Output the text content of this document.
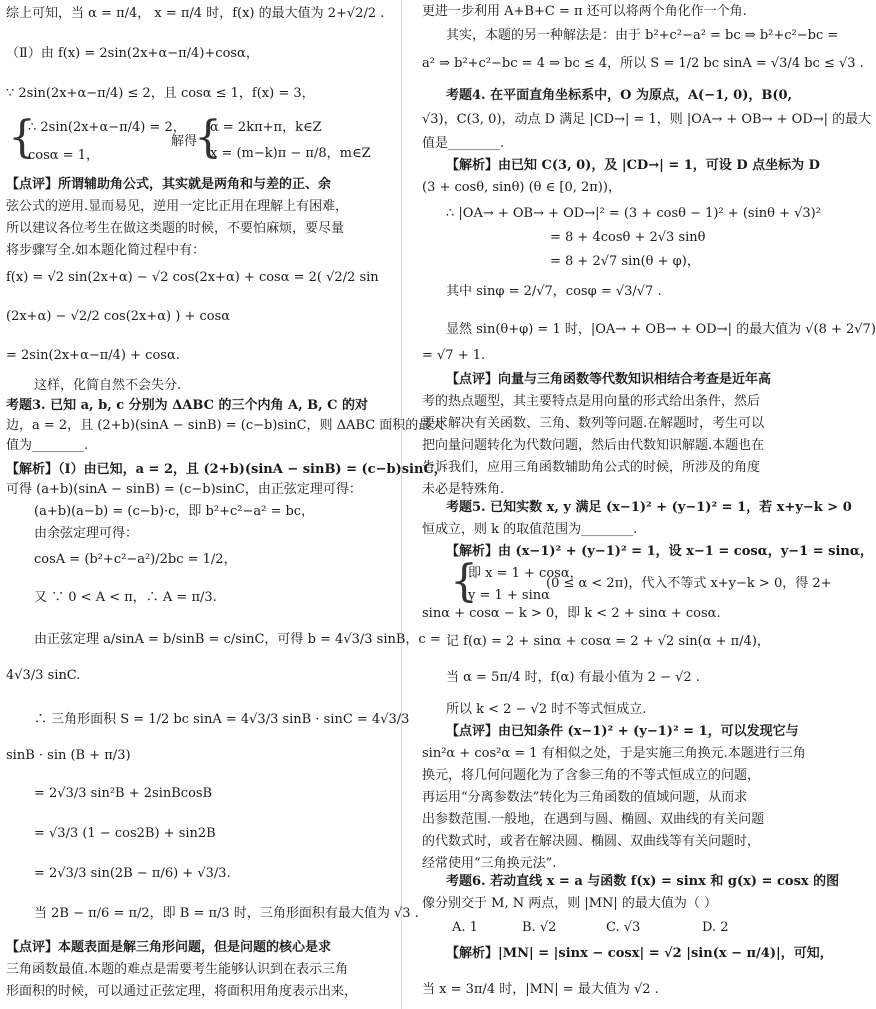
综上可知，当 α = π/4， x = π/4 时，f(x) 的最大值为 2+√2/2 .
（Ⅱ）由 f(x) = 2sin(2x+α−π/4)+cosα，
∵ 2sin(2x+α−π/4) ≤ 2，且 cosα ≤ 1，f(x) = 3，
{
∴ 2sin(2x+α−π/4) = 2，
cosα = 1，
解得
{
α = 2kπ+π，k∈Z
x = (m−k)π − π/8，m∈Z
【点评】所谓辅助角公式，其实就是两角和与差的正、余
弦公式的逆用.显而易见，逆用一定比正用在理解上有困难，
所以建议各位考生在做这类题的时候，不要怕麻烦，要尽量
将步骤写全.如本题化简过程中有：
f(x) = √2 sin(2x+α) − √2 cos(2x+α) + cosα = 2( √2/2 sin
(2x+α) − √2/2 cos(2x+α) ) + cosα
= 2sin(2x+α−π/4) + cosα.
这样，化简自然不会失分.
考题3. 已知 a, b, c 分别为 ΔABC 的三个内角 A, B, C 的对
边，a = 2，且 (2+b)(sinA − sinB) = (c−b)sinC，则 ΔABC 面积的最大
值为________.
【解析】（Ⅰ）由已知，a = 2，且 (2+b)(sinA − sinB) = (c−b)sinC，
可得 (a+b)(sinA − sinB) = (c−b)sinC，由正弦定理可得：
(a+b)(a−b) = (c−b)·c，即 b²+c²−a² = bc，
由余弦定理可得：
cosA = (b²+c²−a²)/2bc = 1/2，
又 ∵ 0 < A < π，∴ A = π/3.
由正弦定理 a/sinA = b/sinB = c/sinC，可得 b = 4√3/3 sinB，c =
4√3/3 sinC.
∴ 三角形面积 S = 1/2 bc sinA = 4√3/3 sinB · sinC = 4√3/3
sinB · sin (B + π/3)
= 2√3/3 sin²B + 2sinBcosB
= √3/3 (1 − cos2B) + sin2B
= 2√3/3 sin(2B − π/6) + √3/3.
当 2B − π/6 = π/2，即 B = π/3 时，三角形面积有最大值为 √3 .
【点评】本题表面是解三角形问题，但是问题的核心是求
三角函数最值.本题的难点是需要考生能够认识到在表示三角
形面积的时候，可以通过正弦定理，将面积用角度表示出来，
更进一步利用 A+B+C = π 还可以将两个角化作一个角.
其实，本题的另一种解法是：由于 b²+c²−a² = bc ⇒ b²+c²−bc =
a² ⇒ b²+c²−bc = 4 ⇒ bc ≤ 4，所以 S = 1/2 bc sinA = √3/4 bc ≤ √3 .
考题4. 在平面直角坐标系中，O 为原点，A(−1, 0)，B(0,
√3)，C(3, 0)，动点 D 满足 |CD→| = 1，则 |OA→ + OB→ + OD→| 的最大
值是________.
【解析】由已知 C(3, 0)，及 |CD→| = 1，可设 D 点坐标为 D
(3 + cosθ, sinθ) (θ ∈ [0, 2π))，
∴ |OA→ + OB→ + OD→|² = (3 + cosθ − 1)² + (sinθ + √3)²
= 8 + 4cosθ + 2√3 sinθ
= 8 + 2√7 sin(θ + φ)，
其中 sinφ = 2/√7，cosφ = √3/√7 .
显然 sin(θ+φ) = 1 时，|OA→ + OB→ + OD→| 的最大值为 √(8 + 2√7)
= √7 + 1.
【点评】向量与三角函数等代数知识相结合考查是近年高
考的热点题型，其主要特点是用向量的形式给出条件，然后
要求解决有关函数、三角、数列等问题.在解题时，考生可以
把向量问题转化为代数问题，然后由代数知识解题.本题也在
告诉我们，应用三角函数辅助角公式的时候，所涉及的角度
未必是特殊角.
考题5. 已知实数 x, y 满足 (x−1)² + (y−1)² = 1，若 x+y−k > 0
恒成立，则 k 的取值范围为________.
【解析】由 (x−1)² + (y−1)² = 1，设 x−1 = cosα，y−1 = sinα，
{
即 x = 1 + cosα，
y = 1 + sinα
(0 ≤ α < 2π)，代入不等式 x+y−k > 0，得 2+
sinα + cosα − k > 0，即 k < 2 + sinα + cosα.
记 f(α) = 2 + sinα + cosα = 2 + √2 sin(α + π/4)，
当 α = 5π/4 时，f(α) 有最小值为 2 − √2 .
所以 k < 2 − √2 时不等式恒成立.
【点评】由已知条件 (x−1)² + (y−1)² = 1，可以发现它与
sin²α + cos²α = 1 有相似之处，于是实施三角换元.本题进行三角
换元，将几何问题化为了含参三角的不等式恒成立的问题，
再运用“分离参数法”转化为三角函数的值域问题，从而求
出参数范围.一般地，在遇到与圆、椭圆、双曲线的有关问题
的代数式时，或者在解决圆、椭圆、双曲线等有关问题时，
经常使用“三角换元法”.
考题6. 若动直线 x = a 与函数 f(x) = sinx 和 g(x) = cosx 的图
像分别交于 M, N 两点，则 |MN| 的最大值为（ ）
A. 1	B. √2	C. √3	D. 2
【解析】|MN| = |sinx − cosx| = √2 |sin(x − π/4)|，可知，
当 x = 3π/4 时，|MN| = 最大值为 √2 .
